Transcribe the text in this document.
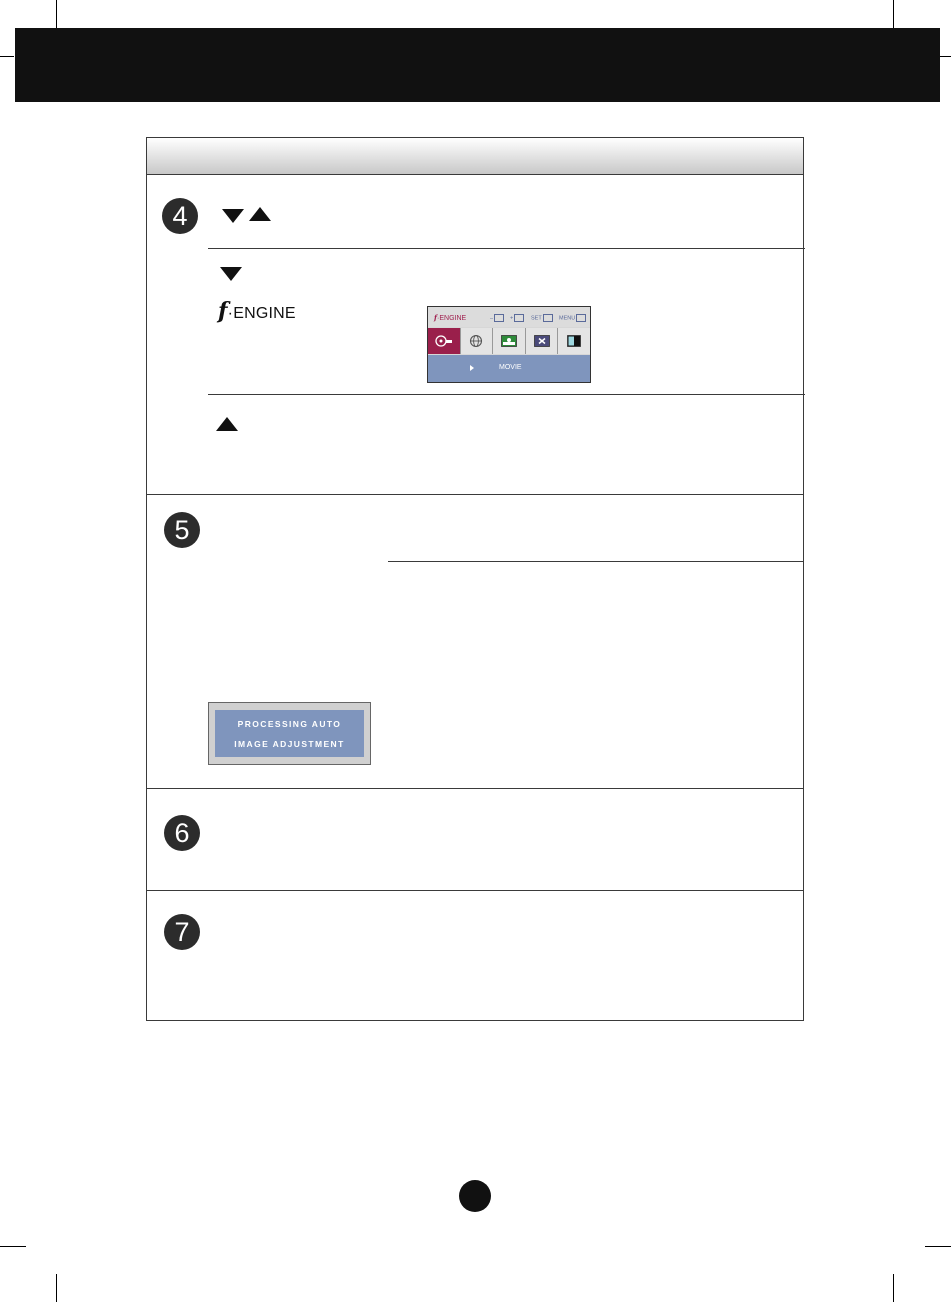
4
5
6
7
f·ENGINE	f·ENGINE	–	+	SET	MENU
MOVIE
PROCESSING AUTO
IMAGE ADJUSTMENT
